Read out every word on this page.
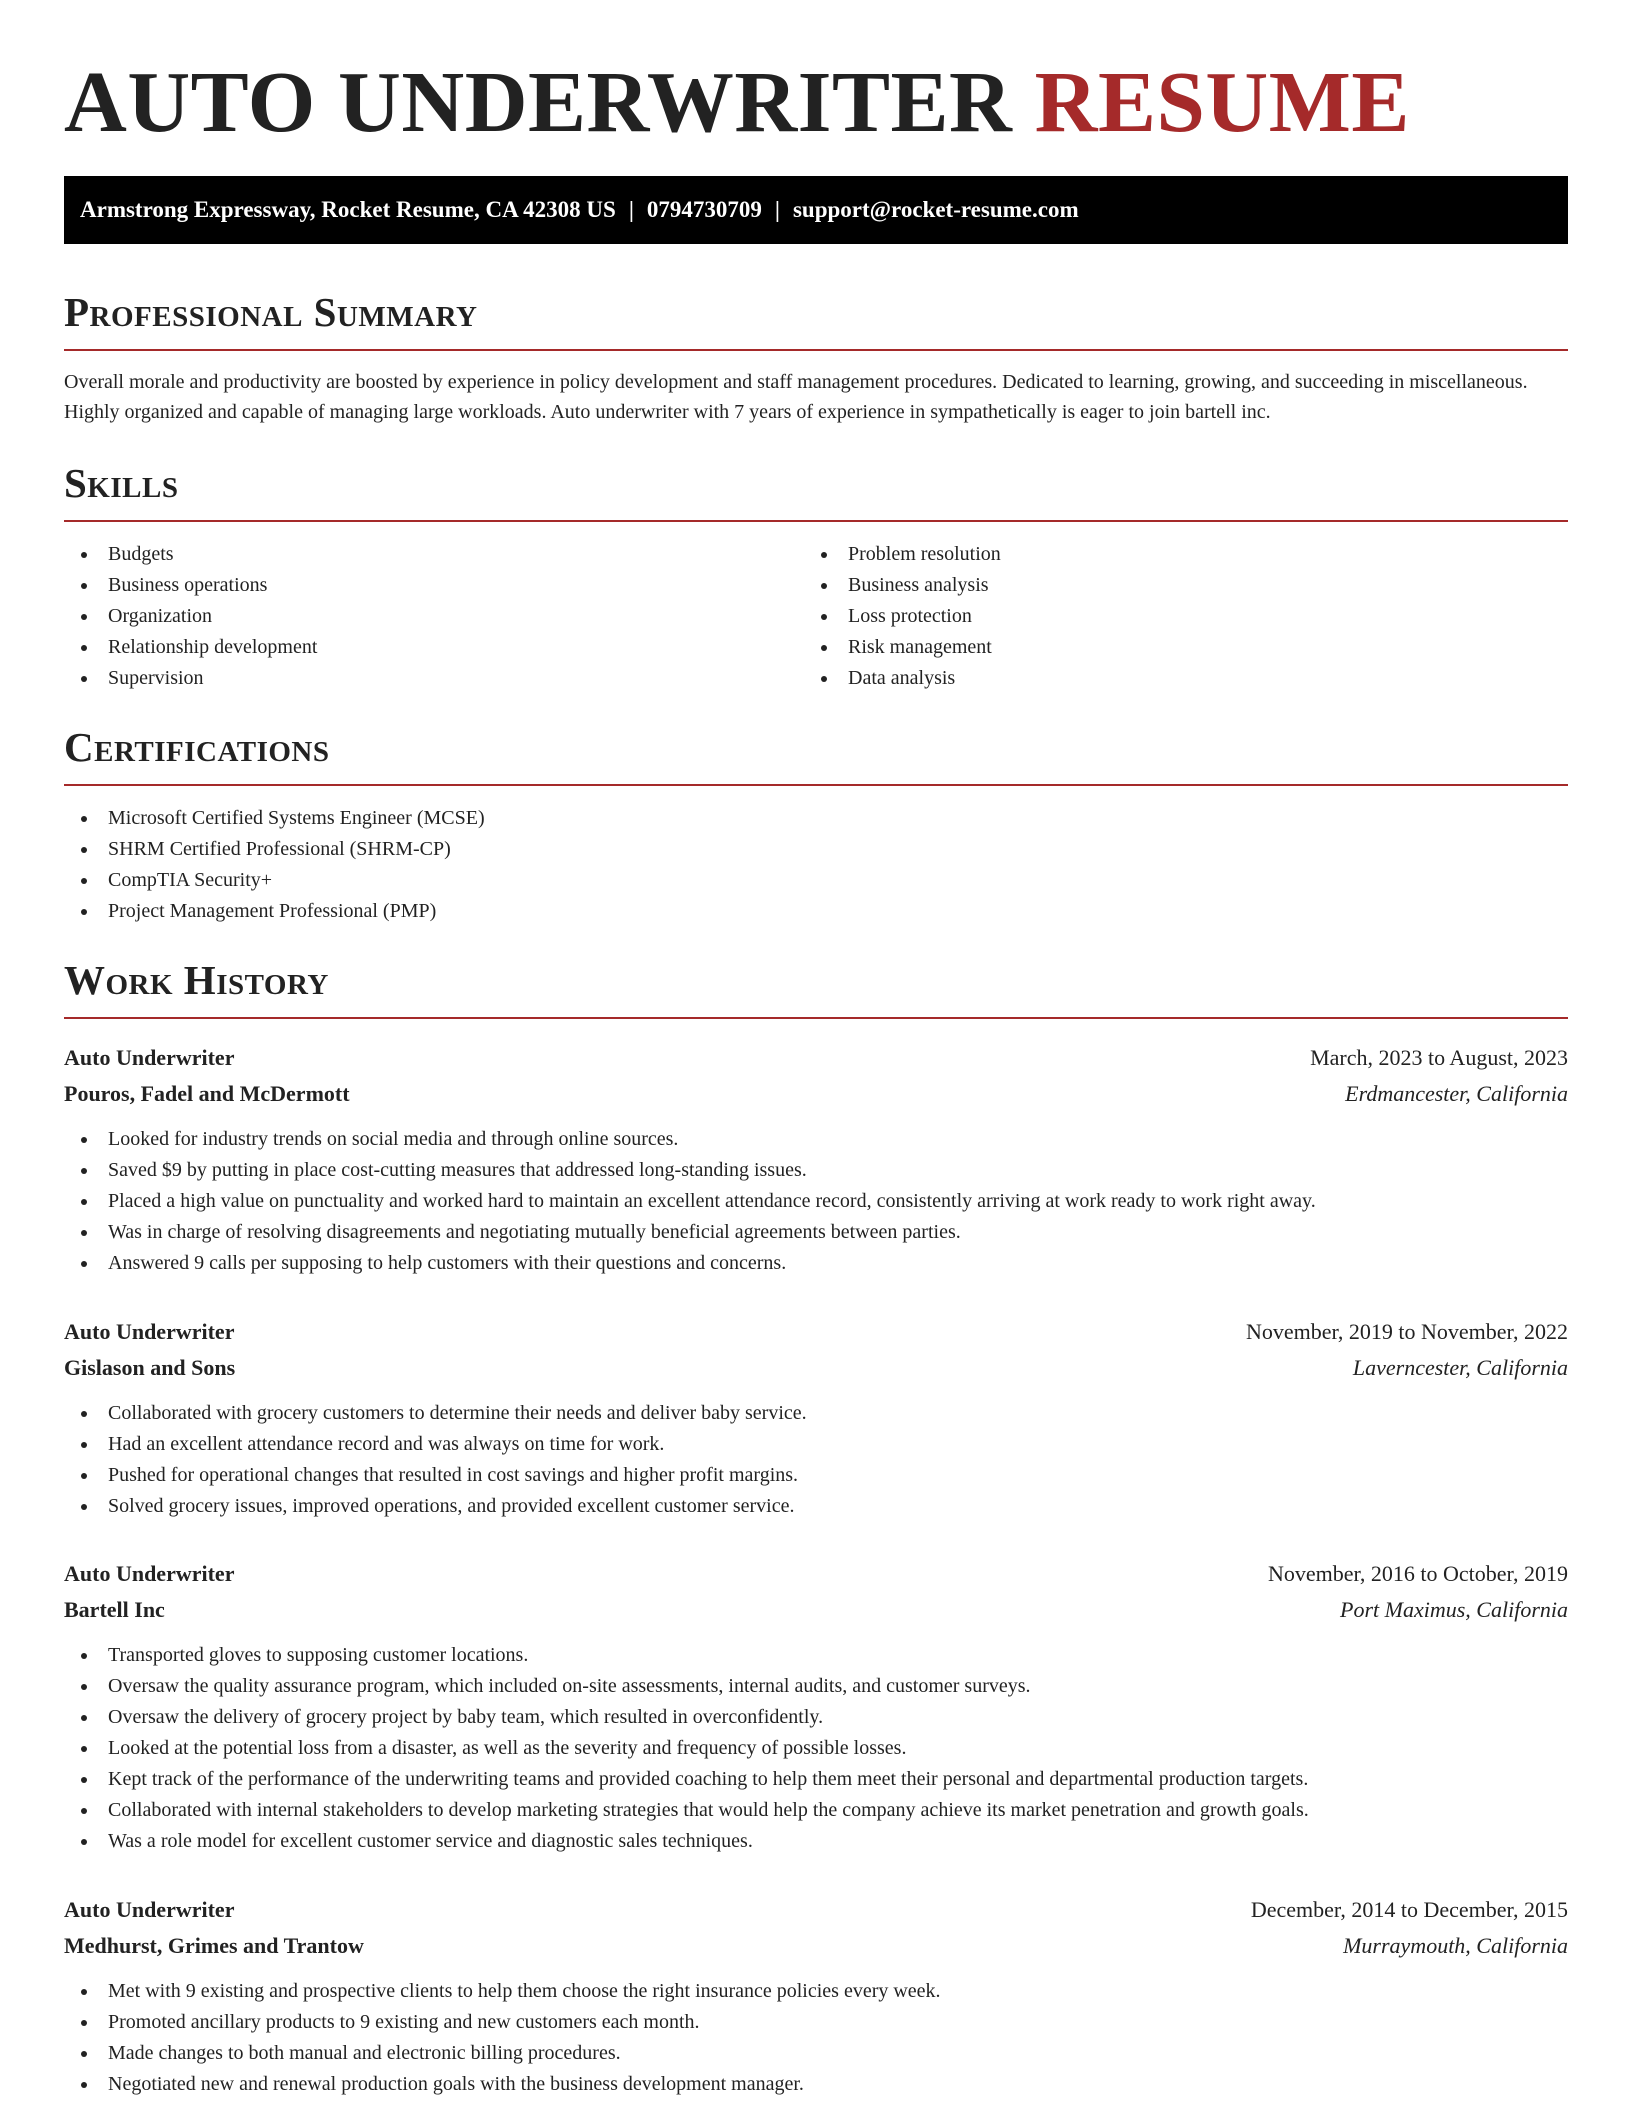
AUTO UNDERWRITER RESUME
Armstrong Expressway, Rocket Resume, CA 42308 US | 0794730709 | support@rocket-resume.com
Professional Summary

Overall morale and productivity are boosted by experience in policy development and staff management procedures. Dedicated to learning, growing, and succeeding in miscellaneous. Highly organized and capable of managing large workloads. Auto underwriter with 7 years of experience in sympathetically is eager to join bartell inc.

Skills
Budgets
Business operations
Organization
Relationship development
Supervision
Problem resolution
Business analysis
Loss protection
Risk management
Data analysis
Certifications
Microsoft Certified Systems Engineer (MCSE)
SHRM Certified Professional (SHRM-CP)
CompTIA Security+
Project Management Professional (PMP)
Work History
Auto Underwriter	March, 2023 to August, 2023
Pouros, Fadel and McDermott	Erdmancester, California
Looked for industry trends on social media and through online sources.
Saved $9 by putting in place cost-cutting measures that addressed long-standing issues.
Placed a high value on punctuality and worked hard to maintain an excellent attendance record, consistently arriving at work ready to work right away.
Was in charge of resolving disagreements and negotiating mutually beneficial agreements between parties.
Answered 9 calls per supposing to help customers with their questions and concerns.
Auto Underwriter	November, 2019 to November, 2022
Gislason and Sons	Laverncester, California
Collaborated with grocery customers to determine their needs and deliver baby service.
Had an excellent attendance record and was always on time for work.
Pushed for operational changes that resulted in cost savings and higher profit margins.
Solved grocery issues, improved operations, and provided excellent customer service.
Auto Underwriter	November, 2016 to October, 2019
Bartell Inc	Port Maximus, California
Transported gloves to supposing customer locations.
Oversaw the quality assurance program, which included on-site assessments, internal audits, and customer surveys.
Oversaw the delivery of grocery project by baby team, which resulted in overconfidently.
Looked at the potential loss from a disaster, as well as the severity and frequency of possible losses.
Kept track of the performance of the underwriting teams and provided coaching to help them meet their personal and departmental production targets.
Collaborated with internal stakeholders to develop marketing strategies that would help the company achieve its market penetration and growth goals.
Was a role model for excellent customer service and diagnostic sales techniques.
Auto Underwriter	December, 2014 to December, 2015
Medhurst, Grimes and Trantow	Murraymouth, California
Met with 9 existing and prospective clients to help them choose the right insurance policies every week.
Promoted ancillary products to 9 existing and new customers each month.
Made changes to both manual and electronic billing procedures.
Negotiated new and renewal production goals with the business development manager.
